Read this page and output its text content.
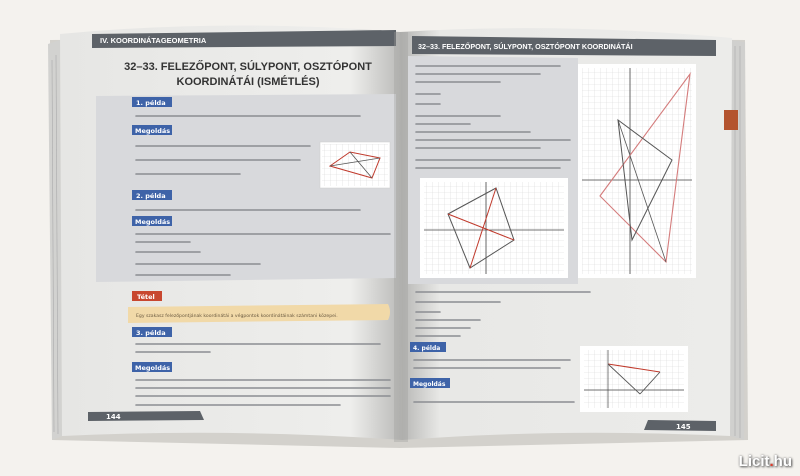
IV. KOORDINÁTAGEOMETRIA
32–33. FELEZŐPONT, SÚLYPONT, OSZTÓPONT
KOORDINÁTÁI (ISMÉTLÉS)
1. példa
Megoldás
2. példa
Megoldás
Tétel
Egy szakasz felezőpontjának koordinátái a végpontok koordinátáinak számtani közepei.
3. példa
Megoldás
144
32–33. FELEZŐPONT, SÚLYPONT, OSZTÓPONT KOORDINÁTÁI
4. példa
Megoldás
145
Licit.hu
